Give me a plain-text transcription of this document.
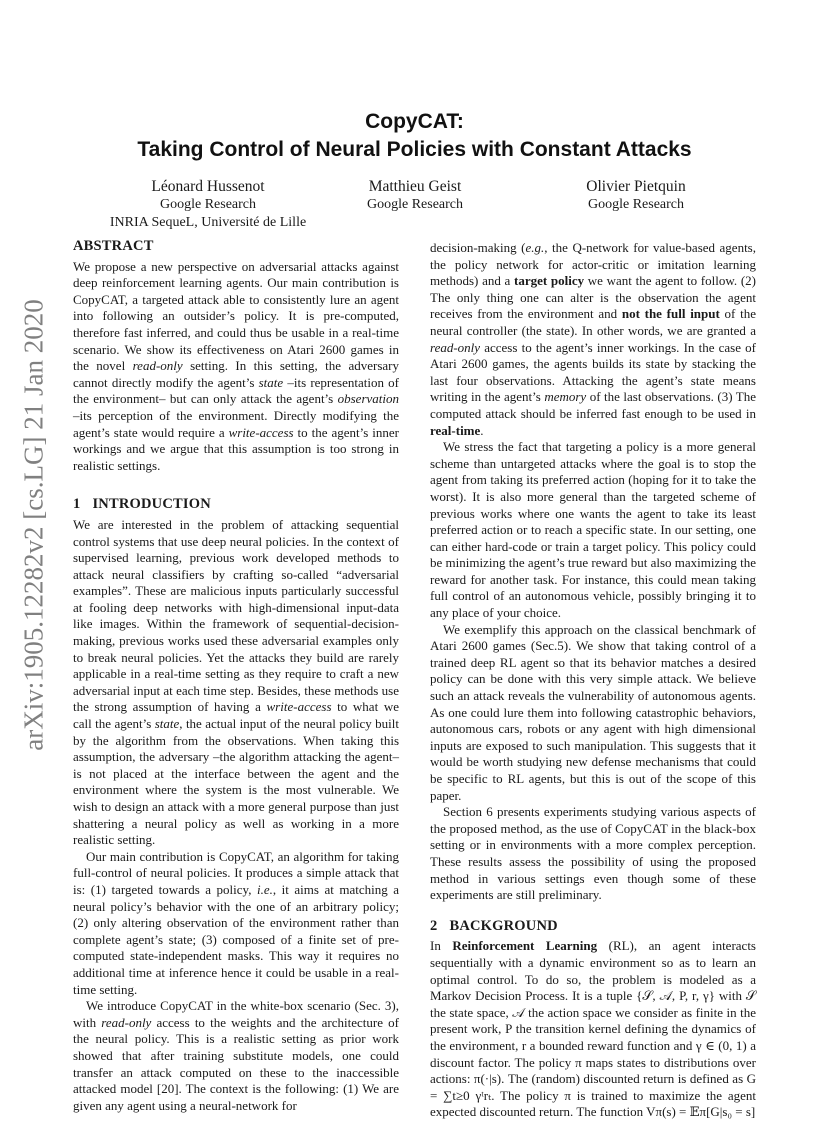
arXiv:1905.12282v2 [cs.LG] 21 Jan 2020
CopyCAT:
Taking Control of Neural Policies with Constant Attacks
Léonard Hussenot
Google Research
INRIA SequeL, Université de Lille
Matthieu Geist
Google Research
Olivier Pietquin
Google Research
ABSTRACT

We propose a new perspective on adversarial attacks against deep reinforcement learning agents. Our main contribution is CopyCAT, a targeted attack able to consistently lure an agent into following an outsider’s policy. It is pre-computed, therefore fast inferred, and could thus be usable in a real-time scenario. We show its effectiveness on Atari 2600 games in the novel read-only setting. In this setting, the adversary cannot directly modify the agent’s state –its representation of the environment– but can only attack the agent’s observation –its perception of the environment. Directly modifying the agent’s state would require a write-access to the agent’s inner workings and we argue that this assumption is too strong in realistic settings.

1 INTRODUCTION

We are interested in the problem of attacking sequential control systems that use deep neural policies. In the context of supervised learning, previous work developed methods to attack neural classifiers by crafting so-called “adversarial examples”. These are malicious inputs particularly successful at fooling deep networks with high-dimensional input-data like images. Within the framework of sequential-decision-making, previous works used these adversarial examples only to break neural policies. Yet the attacks they build are rarely applicable in a real-time setting as they require to craft a new adversarial input at each time step. Besides, these methods use the strong assumption of having a write-access to what we call the agent’s state, the actual input of the neural policy built by the algorithm from the observations. When taking this assumption, the adversary –the algorithm attacking the agent– is not placed at the interface between the agent and the environment where the system is the most vulnerable. We wish to design an attack with a more general purpose than just shattering a neural policy as well as working in a more realistic setting.

Our main contribution is CopyCAT, an algorithm for taking full-control of neural policies. It produces a simple attack that is: (1) targeted towards a policy, i.e., it aims at matching a neural policy’s behavior with the one of an arbitrary policy; (2) only altering observation of the environment rather than complete agent’s state; (3) composed of a finite set of pre-computed state-independent masks. This way it requires no additional time at inference hence it could be usable in a real-time setting.

We introduce CopyCAT in the white-box scenario (Sec. 3), with read-only access to the weights and the architecture of the neural policy. This is a realistic setting as prior work showed that after training substitute models, one could transfer an attack computed on these to the inaccessible attacked model [20]. The context is the following: (1) We are given any agent using a neural-network for

decision-making (e.g., the Q-network for value-based agents, the policy network for actor-critic or imitation learning methods) and a target policy we want the agent to follow. (2) The only thing one can alter is the observation the agent receives from the environment and not the full input of the neural controller (the state). In other words, we are granted a read-only access to the agent’s inner workings. In the case of Atari 2600 games, the agents builds its state by stacking the last four observations. Attacking the agent’s state means writing in the agent’s memory of the last observations. (3) The computed attack should be inferred fast enough to be used in real-time.

We stress the fact that targeting a policy is a more general scheme than untargeted attacks where the goal is to stop the agent from taking its preferred action (hoping for it to take the worst). It is also more general than the targeted scheme of previous works where one wants the agent to take its least preferred action or to reach a specific state. In our setting, one can either hard-code or train a target policy. This policy could be minimizing the agent’s true reward but also maximizing the reward for another task. For instance, this could mean taking full control of an autonomous vehicle, possibly bringing it to any place of your choice.

We exemplify this approach on the classical benchmark of Atari 2600 games (Sec.5). We show that taking control of a trained deep RL agent so that its behavior matches a desired policy can be done with this very simple attack. We believe such an attack reveals the vulnerability of autonomous agents. As one could lure them into following catastrophic behaviors, autonomous cars, robots or any agent with high dimensional inputs are exposed to such manipulation. This suggests that it would be worth studying new defense mechanisms that could be specific to RL agents, but this is out of the scope of this paper.

Section 6 presents experiments studying various aspects of the proposed method, as the use of CopyCAT in the black-box setting or in environments with a more complex perception. These results assess the possibility of using the proposed method in various settings even though some of these experiments are still preliminary.

2 BACKGROUND

In Reinforcement Learning (RL), an agent interacts sequentially with a dynamic environment so as to learn an optimal control. To do so, the problem is modeled as a Markov Decision Process. It is a tuple {𝒮, 𝒜, P, r, γ} with 𝒮 the state space, 𝒜 the action space we consider as finite in the present work, P the transition kernel defining the dynamics of the environment, r a bounded reward function and γ ∈ (0, 1) a discount factor. The policy π maps states to distributions over actions: π(·|s). The (random) discounted return is defined as G = ∑t≥0 γᵗrₜ. The policy π is trained to maximize the agent expected discounted return. The function Vπ(s) = 𝔼π[G|s₀ = s]
